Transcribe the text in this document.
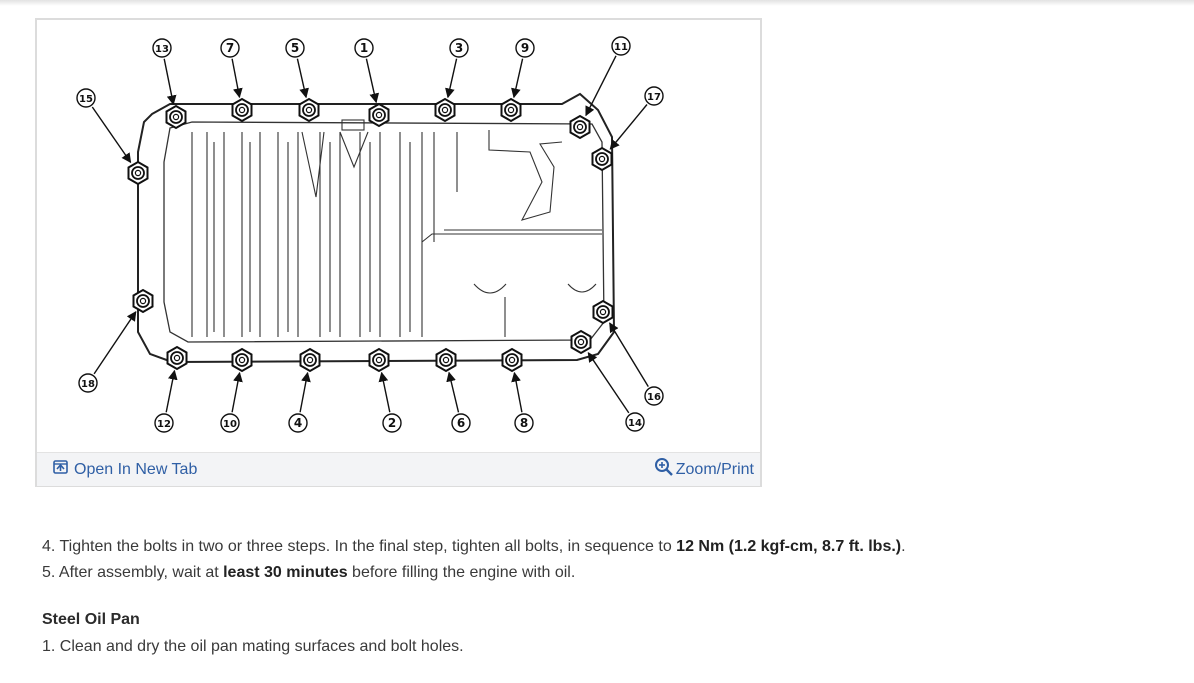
1
2
3
4
5
6
7
8
9
10
11
12
13
14
15
16
17
18
Open In New Tab	Zoom/Print

4. Tighten the bolts in two or three steps. In the final step, tighten all bolts, in sequence to 12 Nm (1.2 kgf-cm, 8.7 ft. lbs.).

5. After assembly, wait at least 30 minutes before filling the engine with oil.

Steel Oil Pan
1. Clean and dry the oil pan mating surfaces and bolt holes.
